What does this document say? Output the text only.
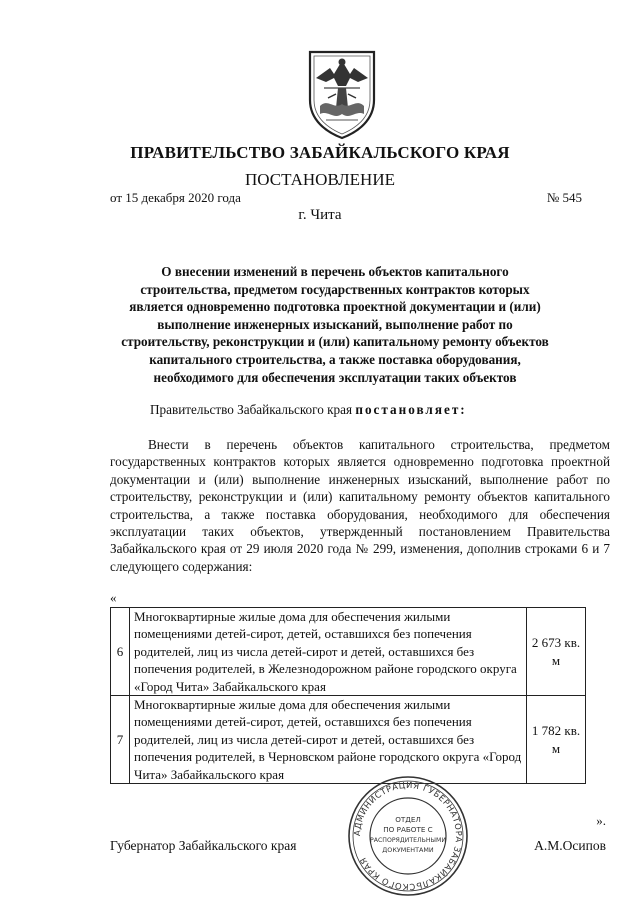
ПРАВИТЕЛЬСТВО ЗАБАЙКАЛЬСКОГО КРАЯ
ПОСТАНОВЛЕНИЕ
от 15 декабря 2020 года	№ 545
г. Чита
О внесении изменений в перечень объектов капитального
строительства, предметом государственных контрактов которых
является одновременно подготовка проектной документации и (или)
выполнение инженерных изысканий, выполнение работ по
строительству, реконструкции и (или) капитальному ремонту объектов
капитального строительства, а также поставка оборудования,
необходимого для обеспечения эксплуатации таких объектов
Правительство Забайкальского края постановляет:
Внести в перечень объектов капитального строительства, предметом государственных контрактов которых является одновременно подготовка проектной документации и (или) выполнение инженерных изысканий, выполнение работ по строительству, реконструкции и (или) капитальному ремонту объектов капитального строительства, а также поставка оборудования, необходимого для обеспечения эксплуатации таких объектов, утвержденный постановлением Правительства Забайкальского края от 29 июля 2020 года № 299, изменения, дополнив строками 6 и 7 следующего содержания:
«
6	Многоквартирные жилые дома для обеспечения жилыми помещениями детей-сирот, детей, оставшихся без попечения родителей, лиц из числа детей-сирот и детей, оставшихся без попечения родителей, в Железнодорожном районе городского округа «Город Чита» Забайкальского края	2 673 кв. м
7	Многоквартирные жилые дома для обеспечения жилыми помещениями детей-сирот, детей, оставшихся без попечения родителей, лиц из числа детей-сирот и детей, оставшихся без попечения родителей, в Черновском районе городского округа «Город Чита» Забайкальского края	1 782 кв. м
».
Губернатор Забайкальского края	А.М.Осипов
АДМИНИСТРАЦИЯ ГУБЕРНАТОРА ЗАБАЙКАЛЬСКОГО КРАЯ
ОТДЕЛ
ПО РАБОТЕ С
РАСПОРЯДИТЕЛЬНЫМИ
ДОКУМЕНТАМИ
